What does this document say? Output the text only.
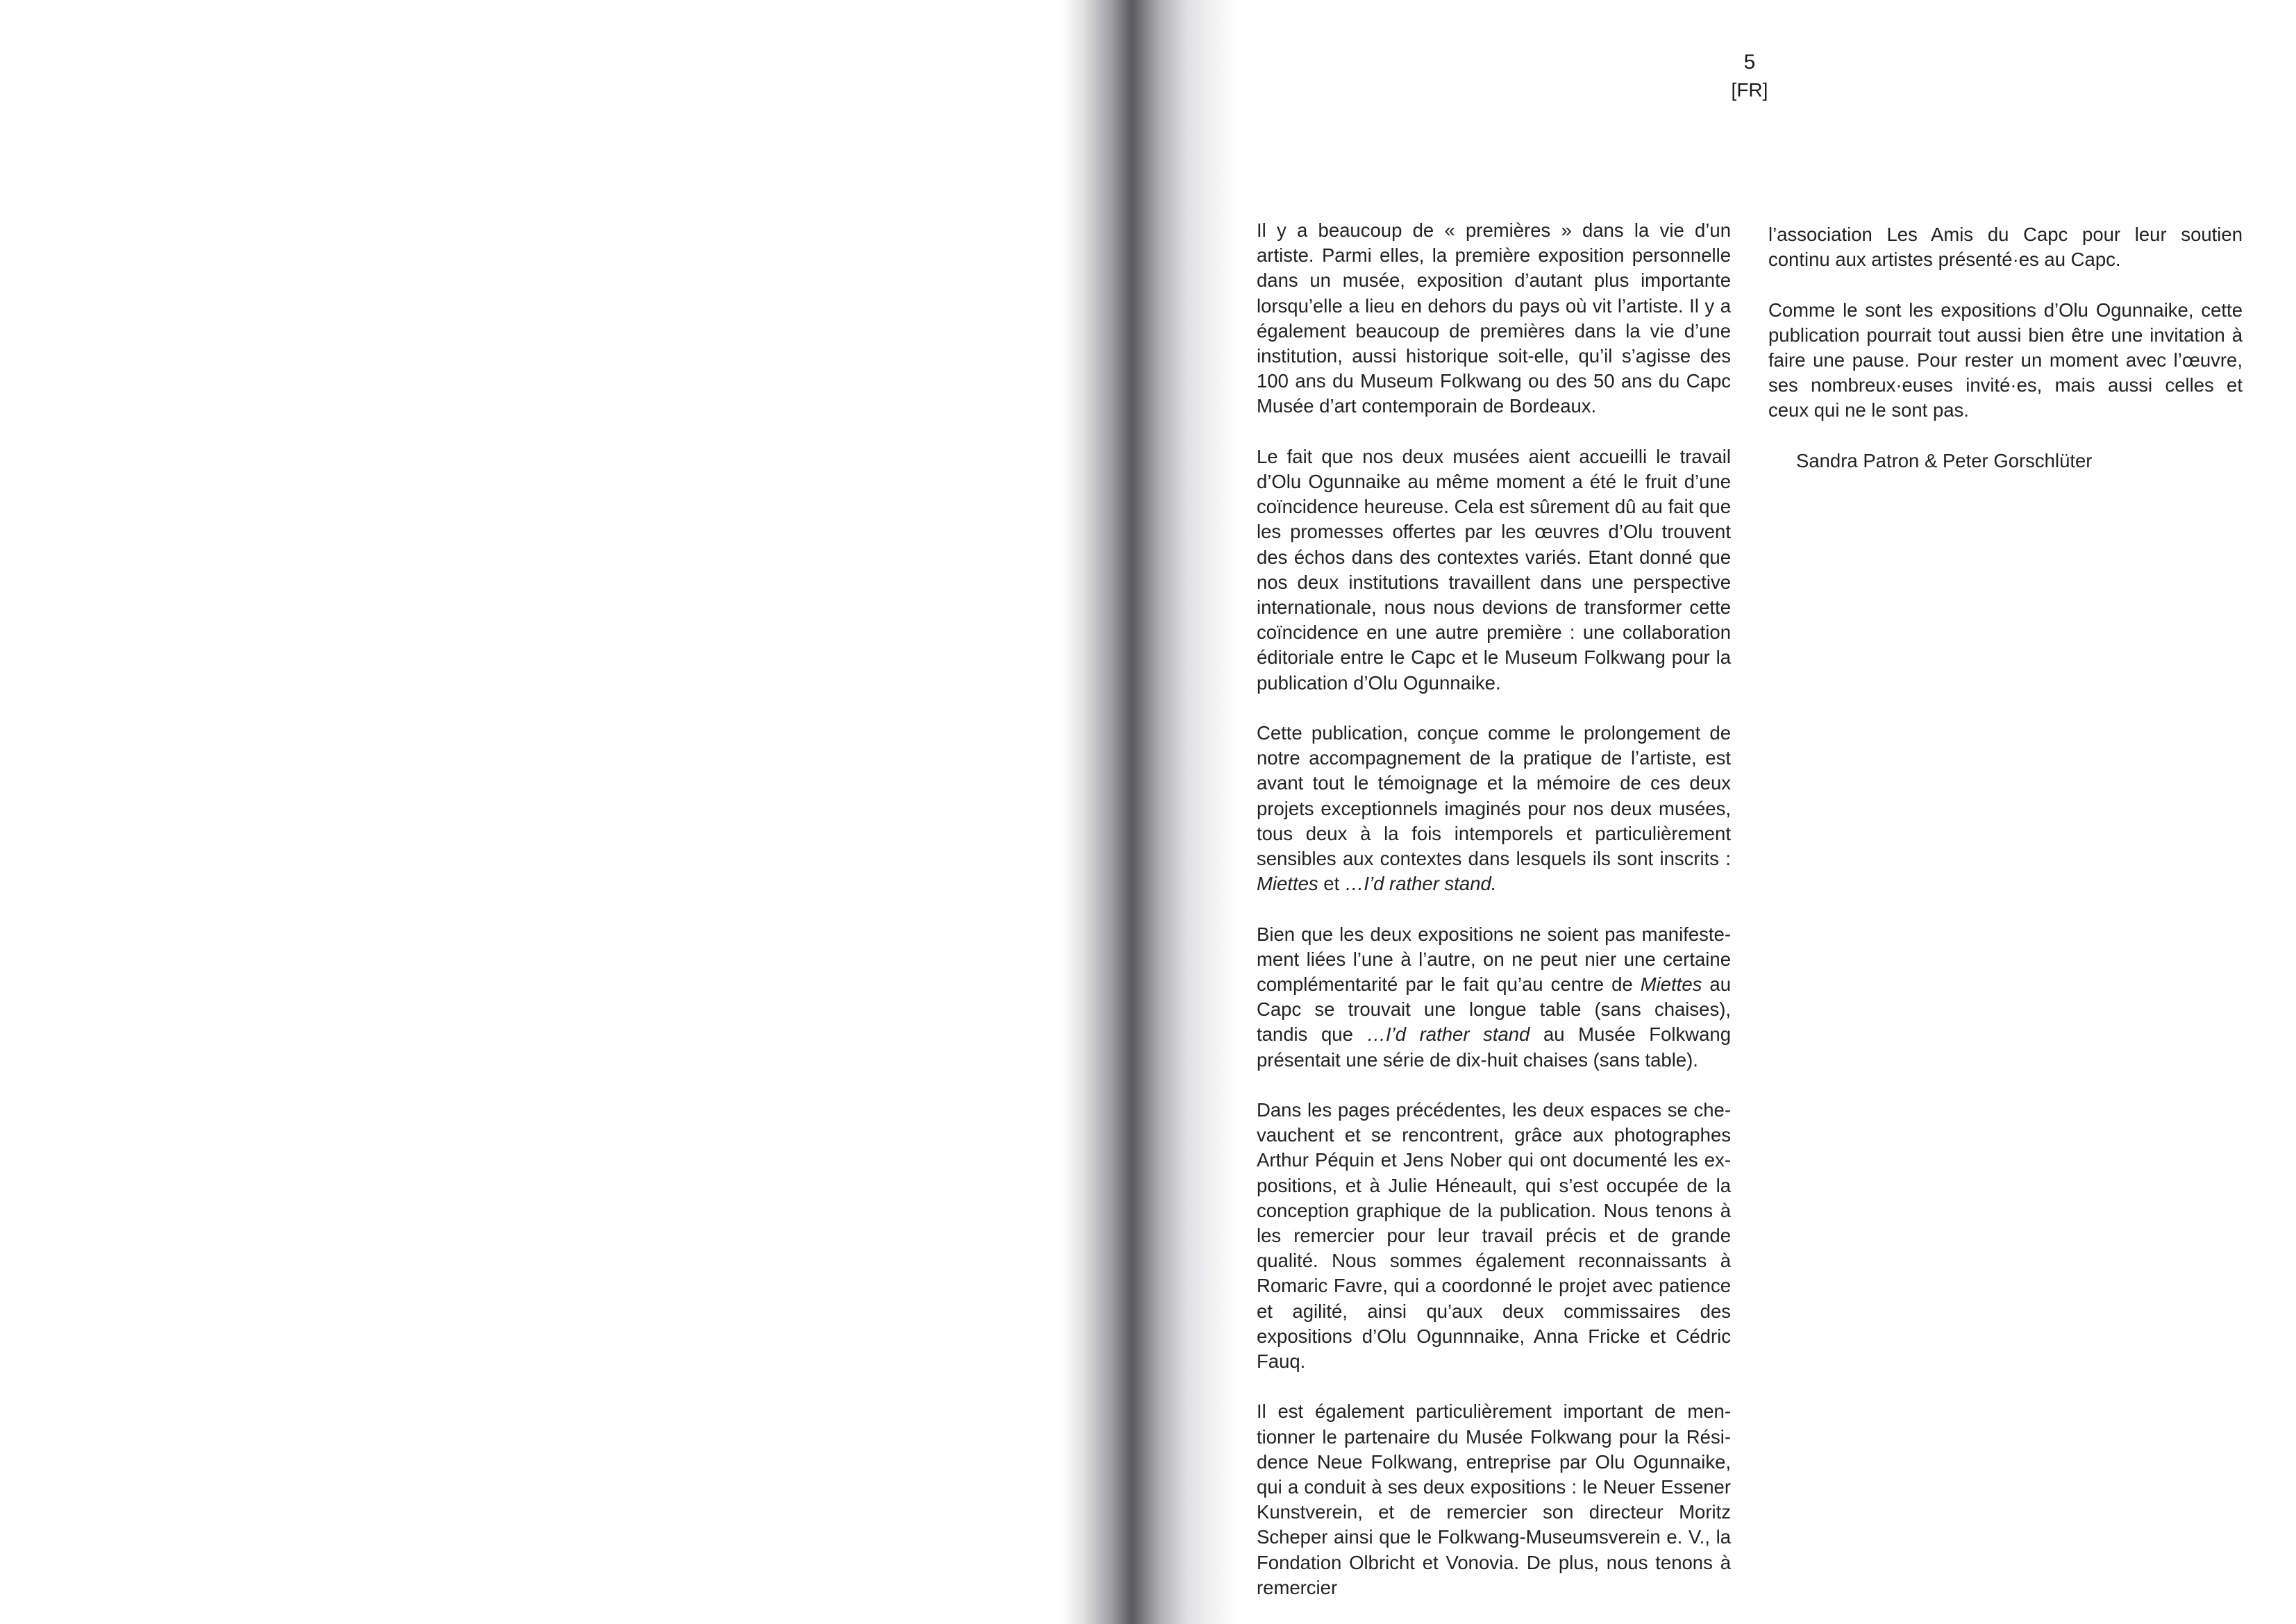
5
[FR]

Il y a beaucoup de « premières » dans la vie d’un artiste. Parmi elles, la première exposition personnelle dans un musée, exposition d’autant plus importante lorsqu’elle a lieu en dehors du pays où vit l’artiste. Il y a également beaucoup de premières dans la vie d’une institution, aussi historique soit-elle, qu’il s’agisse des 100 ans du Museum Folkwang ou des 50 ans du Capc Musée d’art contemporain de Bordeaux.

Le fait que nos deux musées aient accueilli le travail d’Olu Ogunnaike au même moment a été le fruit d’une coïncidence heureuse. Cela est sûrement dû au fait que les promesses offertes par les œuvres d’Olu trouvent des échos dans des contextes variés. Etant donné que nos deux institutions travaillent dans une perspective internationale, nous nous devions de transformer cette coïncidence en une autre première : une collaboration éditoriale entre le Capc et le Museum Folkwang pour la publication d’Olu Ogunnaike.

Cette publication, conçue comme le prolongement de notre accompagnement de la pratique de l’artiste, est avant tout le témoignage et la mémoire de ces deux projets exceptionnels imaginés pour nos deux musées, tous deux à la fois intemporels et particulièrement sensibles aux contextes dans lesquels ils sont inscrits : Miettes et …I’d rather stand.

Bien que les deux expositions ne soient pas manifestement liées l’une à l’autre, on ne peut nier une certaine complémentarité par le fait qu’au centre de Miettes au Capc se trouvait une longue table (sans chaises), tandis que …I’d rather stand au Musée Folkwang présentait une série de dix-huit chaises (sans table).

Dans les pages précédentes, les deux espaces se chevauchent et se rencontrent, grâce aux photographes Arthur Péquin et Jens Nober qui ont documenté les expositions, et à Julie Héneault, qui s’est occupée de la conception graphique de la publication. Nous tenons à les remercier pour leur travail précis et de grande qualité. Nous sommes également reconnaissants à Romaric Favre, qui a coordonné le projet avec patience et agilité, ainsi qu’aux deux commissaires des expositions d’Olu Ogunnnaike, Anna Fricke et Cédric Fauq.

Il est également particulièrement important de mentionner le partenaire du Musée Folkwang pour la Résidence Neue Folkwang, entreprise par Olu Ogunnaike, qui a conduit à ses deux expositions : le Neuer Essener Kunstverein, et de remercier son directeur Moritz Scheper ainsi que le Folkwang-Museumsverein e. V., la Fondation Olbricht et Vonovia. De plus, nous tenons à remercier

l’association Les Amis du Capc pour leur soutien continu aux artistes présenté·es au Capc.

Comme le sont les expositions d’Olu Ogunnaike, cette publication pourrait tout aussi bien être une invitation à faire une pause. Pour rester un moment avec l’œuvre, ses nombreux·euses invité·es, mais aussi celles et ceux qui ne le sont pas.

Sandra Patron & Peter Gorschlüter
